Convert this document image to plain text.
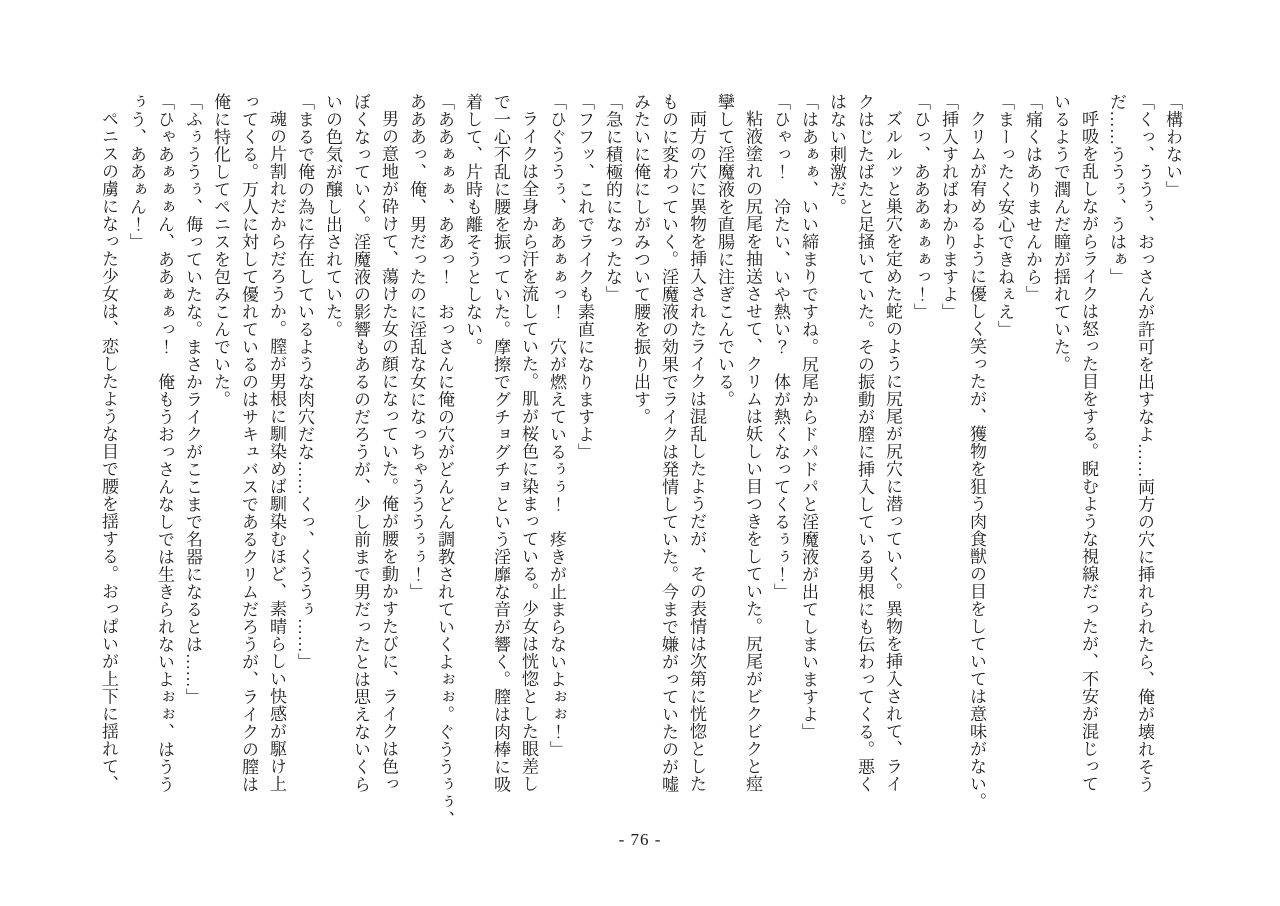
「構わない」
「くっ、ううぅ、おっさんが許可を出すなよ……両方の穴に挿れられたら、俺が壊れそう
だ……ううぅ、うはぁ」
呼吸を乱しながらライクは怒った目をする。睨むような視線だったが、不安が混じって
いるようで潤んだ瞳が揺れていた。
「痛くはありませんから」
「まーったく安心できねぇえ」
クリムが宥めるように優しく笑ったが、獲物を狙う肉食獣の目をしていては意味がない。
「挿入すればわかりますよ」
「ひっ、あああぁぁぁっ！」
ズルルッと巣穴を定めた蛇のように尻尾が尻穴に潜っていく。異物を挿入されて、ライ
クはじたばたと足掻いていた。その振動が膣に挿入している男根にも伝わってくる。悪く
はない刺激だ。
「はあぁぁ、いい締まりですね。尻尾からドパドパと淫魔液が出てしまいますよ」
「ひゃっ！　冷たい、いや熱い？　体が熱くなってくるぅぅ！」
粘液塗れの尻尾を抽送させて、クリムは妖しい目つきをしていた。尻尾がビクビクと痙
攣して淫魔液を直腸に注ぎこんでいる。
両方の穴に異物を挿入されたライクは混乱したようだが、その表情は次第に恍惚とした
ものに変わっていく。淫魔液の効果でライクは発情していた。今まで嫌がっていたのが嘘
みたいに俺にしがみついて腰を振り出す。
「急に積極的になったな」
「フフッ、これでライクも素直になりますよ」
「ひぐううぅ、ああぁぁっ！　穴が燃えているぅぅ！　疼きが止まらないよぉぉ！」
ライクは全身から汗を流していた。肌が桜色に染まっている。少女は恍惚とした眼差し
で一心不乱に腰を振っていた。摩擦でグチョグチョという淫靡な音が響く。膣は肉棒に吸
着して、片時も離そうとしない。
「ああぁぁぁ、ああっ！　おっさんに俺の穴がどんどん調教されていくよぉぉ。ぐううぅぅ、
あああっ、俺、男だったのに淫乱な女になっちゃうううぅぅ！」
男の意地が砕けて、蕩けた女の顔になっていた。俺が腰を動かすたびに、ライクは色っ
ぼくなっていく。淫魔液の影響もあるのだろうが、少し前まで男だったとは思えないくら
いの色気が醸し出されていた。
「まるで俺の為に存在しているような肉穴だな……くっ、くううぅ……」
魂の片割れだからだろうか。膣が男根に馴染めば馴染むほど、素晴らしい快感が駆け上
ってくる。万人に対して優れているのはサキュバスであるクリムだろうが、ライクの膣は
俺に特化してペニスを包みこんでいた。
「ふぅううぅ、侮っていたな。まさかライクがここまで名器になるとは……」
「ひゃあぁぁぁん、ああぁぁっ！　俺もうおっさんなしでは生きられないよぉぉ、はうう
ぅう、ああぁん！」
ペニスの虜になった少女は、恋したような目で腰を揺する。おっぱいが上下に揺れて、
- 76 -
